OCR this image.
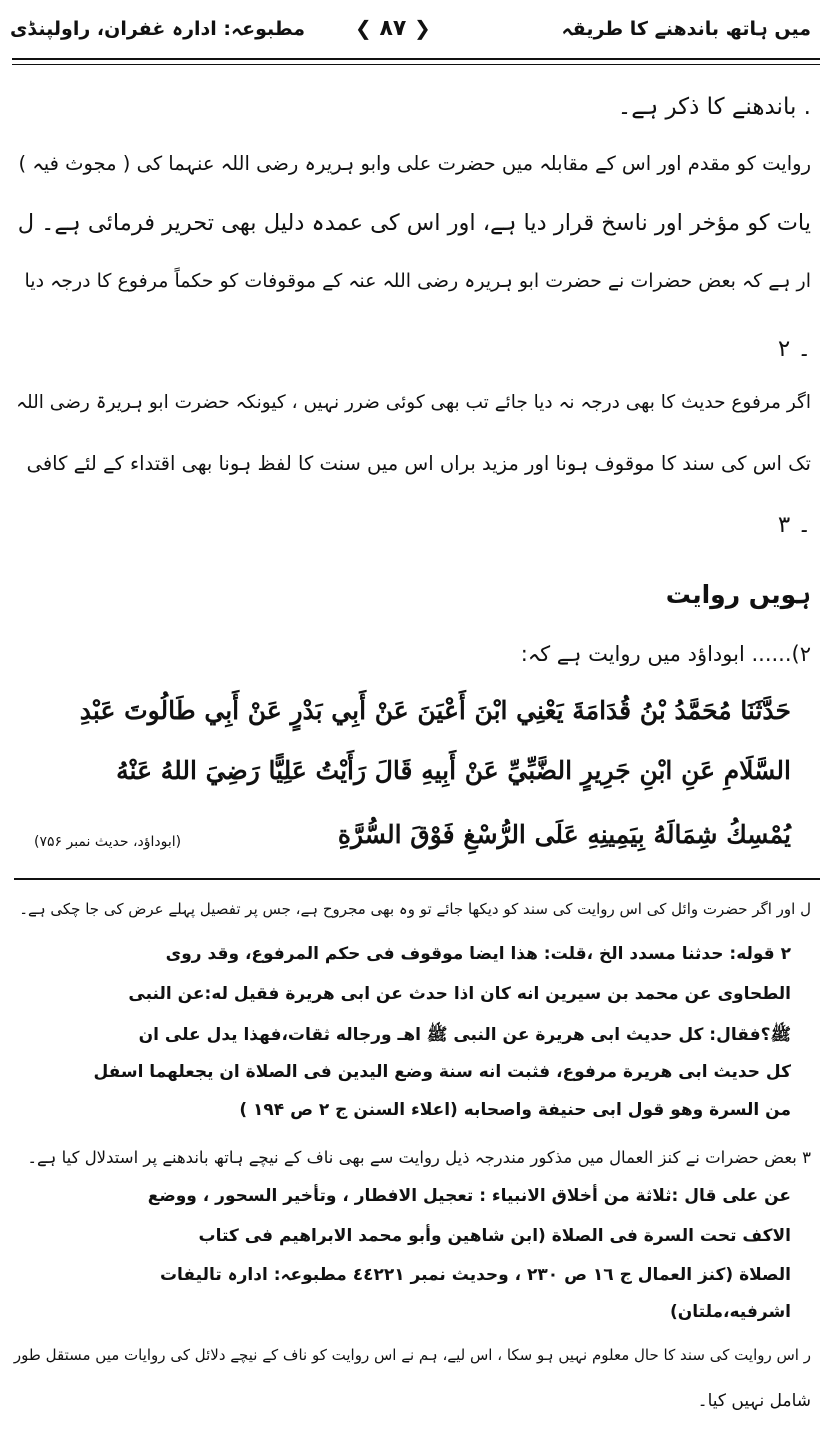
مطبوعہ: ادارہ غفران، راولپنڈی ❮ ۸۷ ❯	میں ہاتھ باندھنے کا طریقہ
. باندھنے کا ذکر ہے۔
روایت کو مقدم اور اس کے مقابلہ میں حضرت علی وابو ہریرہ رضی اللہ عنہما کی ( مجوث فیہ )
یات کو مؤخر اور ناسخ قرار دیا ہے، اور اس کی عمدہ دلیل بھی تحریر فرمائی ہے۔ ل
ار ہے کہ بعض حضرات نے حضرت ابو ہریرہ رضی اللہ عنہ کے موقوفات کو حکماً مرفوع کا درجہ دیا
۔ ۲
اگر مرفوع حدیث کا بھی درجہ نہ دیا جائے تب بھی کوئی ضرر نہیں ، کیونکہ حضرت ابو ہریرۃ رضی اللہ
تک اس کی سند کا موقوف ہونا اور مزید براں اس میں سنت کا لفظ ہونا بھی اقتداء کے لئے کافی
۔ ۳
ہویں روایت
۲)...... ابوداؤد میں روایت ہے کہ:
حَدَّثَنَا مُحَمَّدُ بْنُ قُدَامَةَ يَعْنِي ابْنَ أَعْيَنَ عَنْ أَبِي بَدْرٍ عَنْ أَبِي طَالُوتَ عَبْدِ
السَّلَامِ عَنِ ابْنِ جَرِيرٍ الضَّبِّيِّ عَنْ أَبِيهِ قَالَ رَأَيْتُ عَلِيًّا رَضِيَ اللهُ عَنْهُ
يُمْسِكُ شِمَالَهُ بِيَمِينِهِ عَلَى الرُّسْغِ فَوْقَ السُّرَّةِ
(ابوداؤد، حدیث نمبر ۷۵۶)
ل اور اگر حضرت وائل کی اس روایت کی سند کو دیکھا جائے تو وہ بھی مجروح ہے، جس پر تفصیل پہلے عرض کی جا چکی ہے۔
۲ قوله: حدثنا مسدد الخ ،قلت: هذا ايضا موقوف فى حكم المرفوع، وقد روى
الطحاوى عن محمد بن سيرين انه كان اذا حدث عن ابى هريرة فقيل له:عن النبى
ﷺ؟فقال: كل حديث ابى هريرة عن النبى ﷺ اهـ ورجاله ثقات،فهذا يدل على ان
كل حديث ابى هريرة مرفوع، فثبت انه سنة وضع اليدين فى الصلاة ان يجعلهما اسفل
من السرة وهو قول ابى حنيفة واصحابه (اعلاء السنن ج ۲ ص ۱۹۴ )
۳ بعض حضرات نے کنز العمال میں مذکور مندرجہ ذیل روایت سے بھی ناف کے نیچے ہاتھ باندھنے پر استدلال کیا ہے۔
عن على قال :ثلاثة من أخلاق الانبياء : تعجيل الافطار ، وتأخير السحور ، ووضع
الاكف تحت السرة فى الصلاة (ابن شاهين وأبو محمد الابراهيم فى كتاب
الصلاة (كنز العمال ج ١٦ ص ٢٣٠ ، وحديث نمبر ٤٤٢٢١ مطبوعہ: ادارہ تاليفات
اشرفيه،ملتان)
ر اس روایت کی سند کا حال معلوم نہیں ہو سکا ، اس لیے، ہم نے اس روایت کو ناف کے نیچے دلائل کی روایات میں مستقل طور
شامل نہیں کیا۔
